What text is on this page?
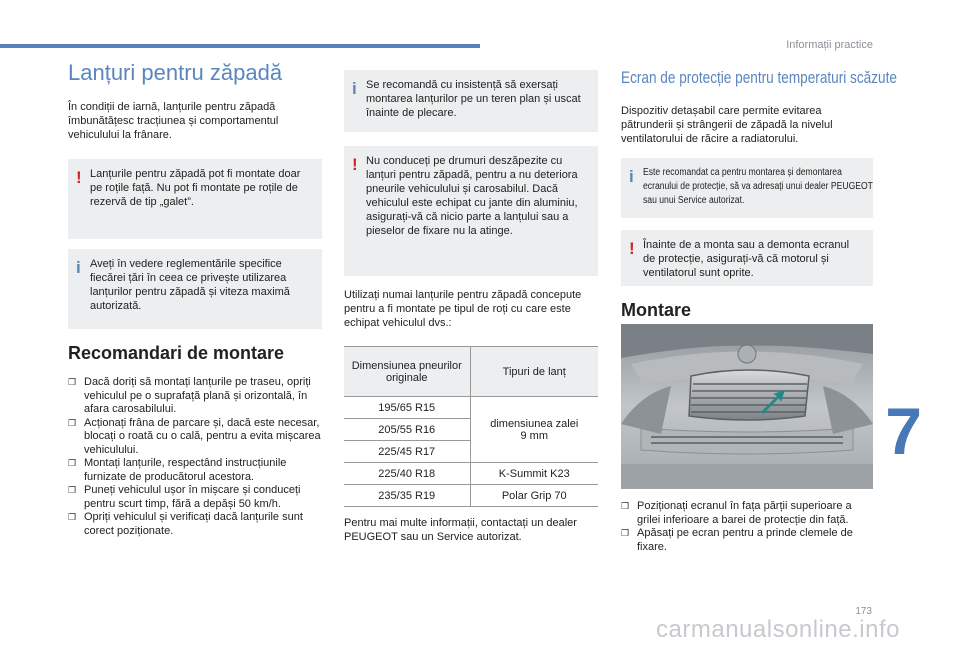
Informații practice
7
173
carmanualsonline.info
Lanțuri pentru zăpadă
În condiții de iarnă, lanțurile pentru zăpadă îmbunătățesc tracțiunea și comportamentul vehiculului la frânare.
! Lanțurile pentru zăpadă pot fi montate doar pe roțile față. Nu pot fi montate pe roțile de rezervă de tip „galet”.
i Aveți în vedere reglementările specifice fiecărei țări în ceea ce privește utilizarea lanțurilor pentru zăpadă și viteza maximă autorizată.
Recomandari de montare
❒ Dacă doriți să montați lanțurile pe traseu, opriți vehiculul pe o suprafață plană și orizontală, în afara carosabilului.
❒ Acționați frâna de parcare și, dacă este necesar, blocați o roată cu o cală, pentru a evita mișcarea vehiculului.
❒ Montați lanțurile, respectând instrucțiunile furnizate de producătorul acestora.
❒ Puneți vehiculul ușor în mișcare și conduceți pentru scurt timp, fără a depăși 50 km/h.
❒ Opriți vehiculul și verificați dacă lanțurile sunt corect poziționate.
i Se recomandă cu insistență să exersați montarea lanțurilor pe un teren plan și uscat înainte de plecare.
! Nu conduceți pe drumuri deszăpezite cu lanțuri pentru zăpadă, pentru a nu deteriora pneurile vehiculului și carosabilul. Dacă vehiculul este echipat cu jante din aluminiu, asigurați-vă că nicio parte a lanțului sau a pieselor de fixare nu la atinge.
Utilizați numai lanțurile pentru zăpadă concepute pentru a fi montate pe tipul de roți cu care este echipat vehiculul dvs.:
Dimensiunea pneurilor originale	Tipuri de lanț
195/65 R15	dimensiunea zalei 9 mm
205/55 R16	
225/45 R17	
225/40 R18	K-Summit K23
235/35 R19	Polar Grip 70
Pentru mai multe informații, contactați un dealer PEUGEOT sau un Service autorizat.
Ecran de protecție pentru temperaturi scăzute
Dispozitiv detașabil care permite evitarea pătrunderii și strângerii de zăpadă la nivelul ventilatorului de răcire a radiatorului.
i Este recomandat ca pentru montarea și demontarea ecranului de protecție, să va adresați unui dealer PEUGEOT sau unui Service autorizat.
! Înainte de a monta sau a demonta ecranul de protecție, asigurați-vă că motorul și ventilatorul sunt oprite.
Montare
❒ Poziționați ecranul în fața părții superioare a grilei inferioare a barei de protecție din față.
❒ Apăsați pe ecran pentru a prinde clemele de fixare.
